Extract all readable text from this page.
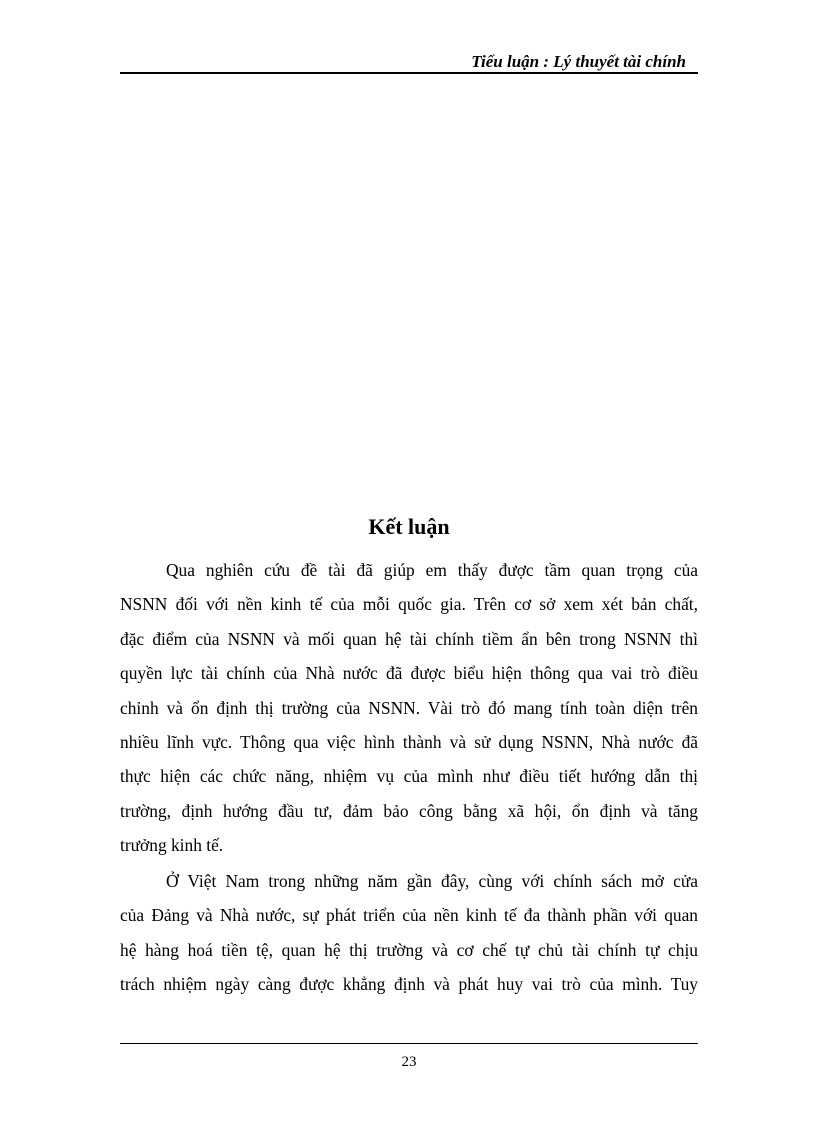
Tiểu luận : Lý thuyết tài chính
Kết luận
Qua nghiên cứu đề tài đã giúp em thấy được tầm quan trọng của
NSNN đối với nền kinh tế của mỗi quốc gia. Trên cơ sở xem xét bản chất,
đặc điểm của NSNN và mối quan hệ tài chính tiềm ẩn bên trong NSNN thì
quyền lực tài chính của Nhà nước đã được biểu hiện thông qua vai trò điều
chỉnh và ổn định thị trường của NSNN. Vài trò đó mang tính toàn diện trên
nhiều lĩnh vực. Thông qua việc hình thành và sử dụng NSNN, Nhà nước đã
thực hiện các chức năng, nhiệm vụ của mình như điều tiết hướng dẫn thị
trường, định hướng đầu tư, đảm bảo công bằng xã hội, ổn định và tăng
trưởng kinh tế.
Ở Việt Nam trong những năm gần đây, cùng với chính sách mở cửa
của Đảng và Nhà nước, sự phát triển của nền kinh tế đa thành phần với quan
hệ hàng hoá tiền tệ, quan hệ thị trường và cơ chế tự chủ tài chính tự chịu
trách nhiệm ngày càng được khẳng định và phát huy vai trò của mình. Tuy
23
